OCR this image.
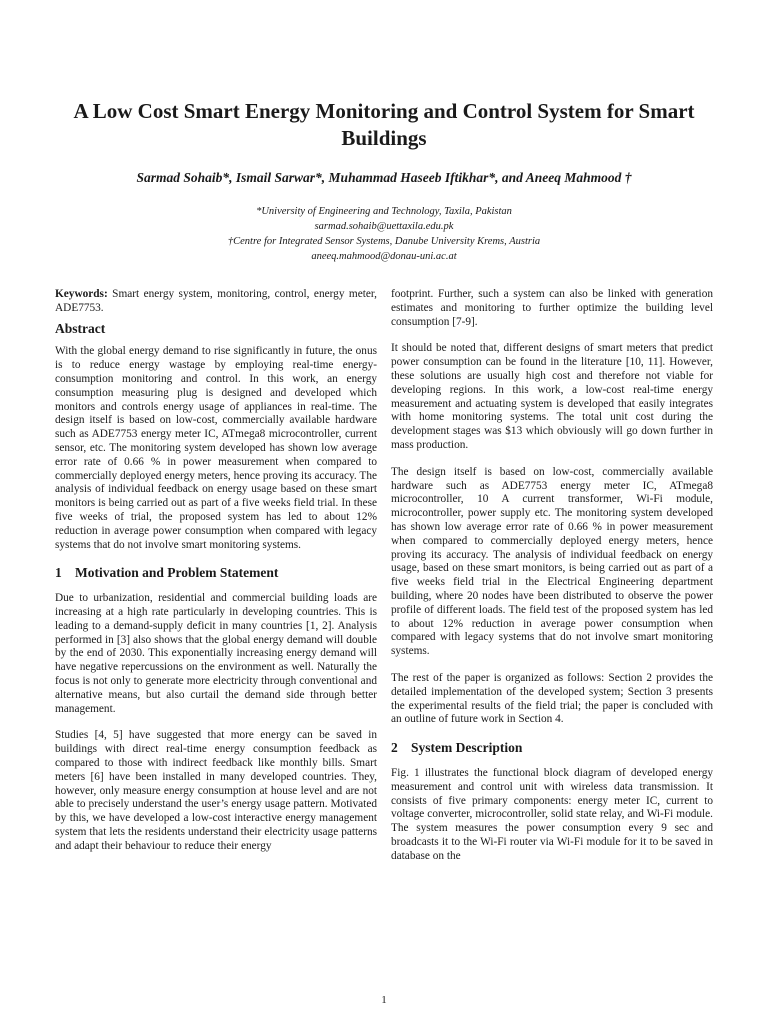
A Low Cost Smart Energy Monitoring and Control System for Smart Buildings
Sarmad Sohaib*, Ismail Sarwar*, Muhammad Haseeb Iftikhar*, and Aneeq Mahmood †
*University of Engineering and Technology, Taxila, Pakistan
sarmad.sohaib@uettaxila.edu.pk
†Centre for Integrated Sensor Systems, Danube University Krems, Austria
aneeq.mahmood@donau-uni.ac.at

Keywords: Smart energy system, monitoring, control, energy meter, ADE7753.

Abstract

With the global energy demand to rise significantly in future, the onus is to reduce energy wastage by employing real-time energy-consumption monitoring and control. In this work, an energy consumption measuring plug is designed and developed which monitors and controls energy usage of appliances in real-time. The design itself is based on low-cost, commercially available hardware such as ADE7753 energy meter IC, ATmega8 microcontroller, current sensor, etc. The monitoring system developed has shown low average error rate of 0.66 % in power measurement when compared to commercially deployed energy meters, hence proving its accuracy. The analysis of individual feedback on energy usage based on these smart monitors is being carried out as part of a five weeks field trial. In these five weeks of trial, the proposed system has led to about 12% reduction in average power consumption when compared with legacy systems that do not involve smart monitoring systems.

1 Motivation and Problem Statement

Due to urbanization, residential and commercial building loads are increasing at a high rate particularly in developing countries. This is leading to a demand-supply deficit in many countries [1, 2]. Analysis performed in [3] also shows that the global energy demand will double by the end of 2030. This exponentially increasing energy demand will have negative repercussions on the environment as well. Naturally the focus is not only to generate more electricity through conventional and alternative means, but also curtail the demand side through better management.

Studies [4, 5] have suggested that more energy can be saved in buildings with direct real-time energy consumption feedback as compared to those with indirect feedback like monthly bills. Smart meters [6] have been installed in many developed countries. They, however, only measure energy consumption at house level and are not able to precisely understand the user’s energy usage pattern. Motivated by this, we have developed a low-cost interactive energy management system that lets the residents understand their electricity usage patterns and adapt their behaviour to reduce their energy

footprint. Further, such a system can also be linked with generation estimates and monitoring to further optimize the building level consumption [7-9].

It should be noted that, different designs of smart meters that predict power consumption can be found in the literature [10, 11]. However, these solutions are usually high cost and therefore not viable for developing regions. In this work, a low-cost real-time energy measurement and actuating system is developed that easily integrates with home monitoring systems. The total unit cost during the development stages was $13 which obviously will go down further in mass production.

The design itself is based on low-cost, commercially available hardware such as ADE7753 energy meter IC, ATmega8 microcontroller, 10 A current transformer, Wi-Fi module, microcontroller, power supply etc. The monitoring system developed has shown low average error rate of 0.66 % in power measurement when compared to commercially deployed energy meters, hence proving its accuracy. The analysis of individual feedback on energy usage, based on these smart monitors, is being carried out as part of a five weeks field trial in the Electrical Engineering department building, where 20 nodes have been distributed to observe the power profile of different loads. The field test of the proposed system has led to about 12% reduction in average power consumption when compared with legacy systems that do not involve smart monitoring systems.

The rest of the paper is organized as follows: Section 2 provides the detailed implementation of the developed system; Section 3 presents the experimental results of the field trial; the paper is concluded with an outline of future work in Section 4.

2 System Description

Fig. 1 illustrates the functional block diagram of developed energy measurement and control unit with wireless data transmission. It consists of five primary components: energy meter IC, current to voltage converter, microcontroller, solid state relay, and Wi-Fi module. The system measures the power consumption every 9 sec and broadcasts it to the Wi-Fi router via Wi-Fi module for it to be saved in database on the

1
